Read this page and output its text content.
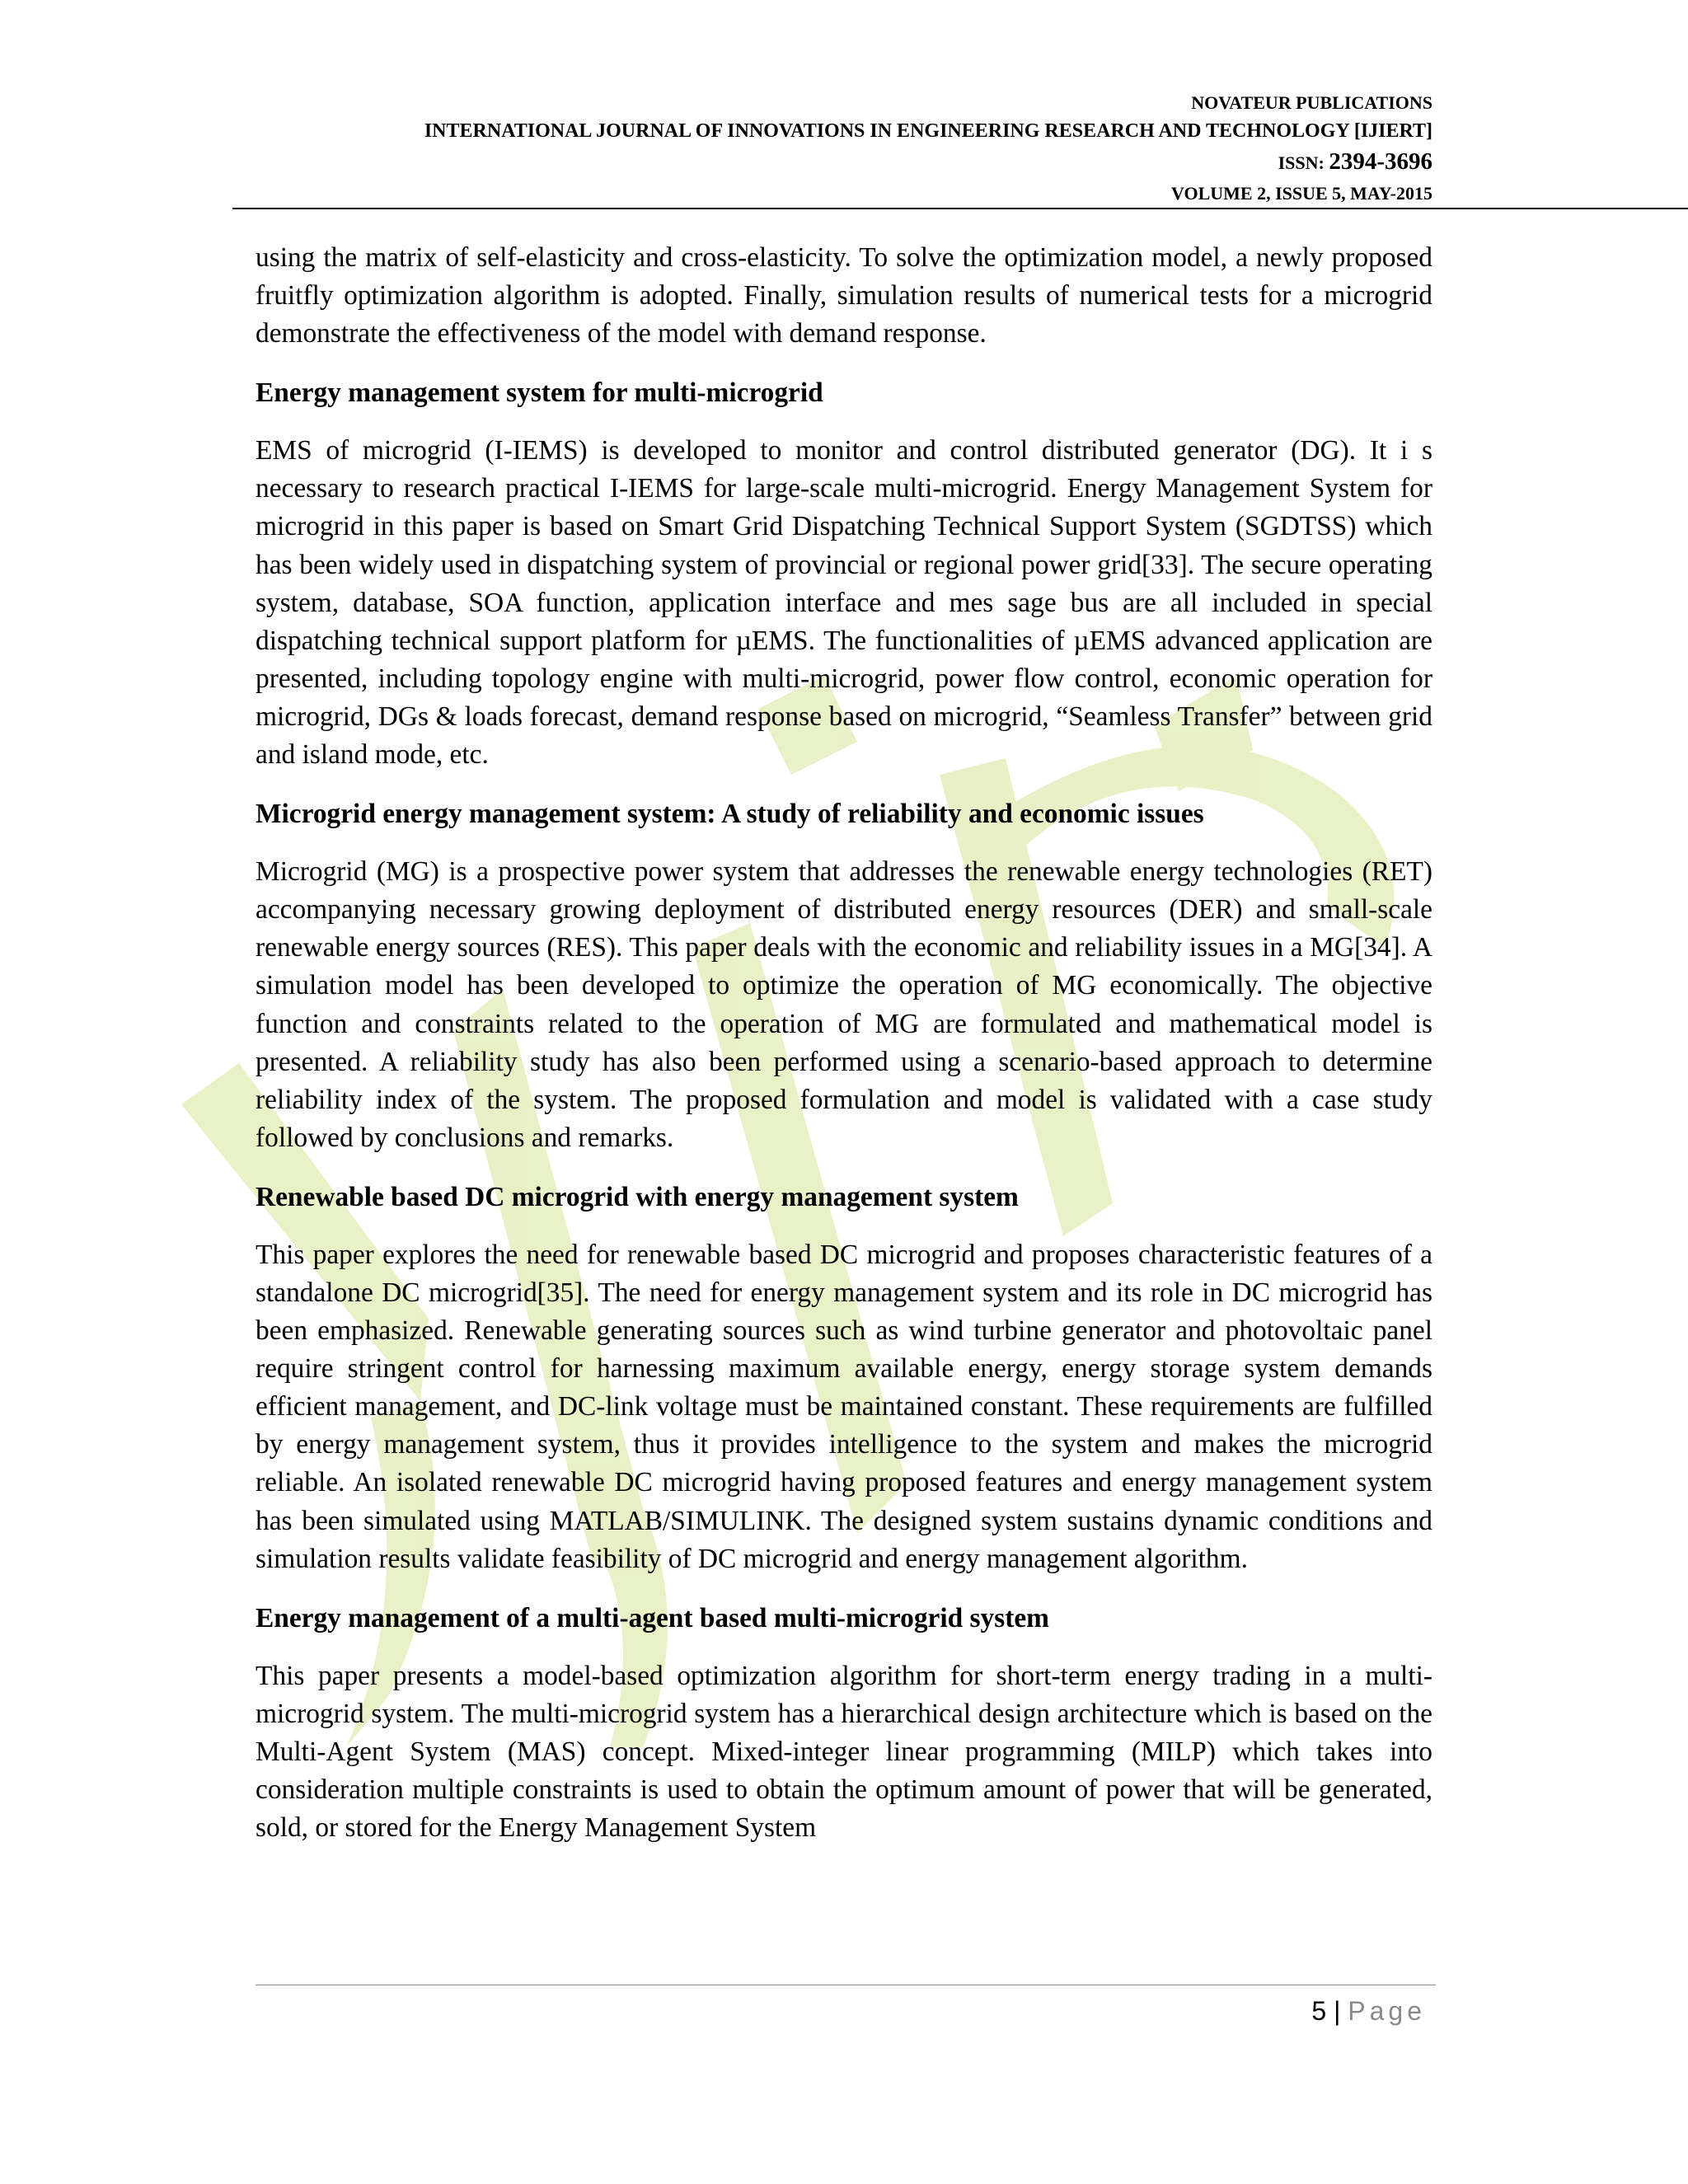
NOVATEUR PUBLICATIONS
INTERNATIONAL JOURNAL OF INNOVATIONS IN ENGINEERING RESEARCH AND TECHNOLOGY [IJIERT]
ISSN: 2394-3696
VOLUME 2, ISSUE 5, MAY-2015

using the matrix of self-elasticity and cross-elasticity. To solve the optimization model, a newly proposed fruitfly optimization algorithm is adopted. Finally, simulation results of numerical tests for a microgrid demonstrate the effectiveness of the model with demand response.

Energy management system for multi-microgrid

EMS of microgrid (I-IEMS) is developed to monitor and control distributed generator (DG). It i s necessary to research practical I-IEMS for large-scale multi-microgrid. Energy Management System for microgrid in this paper is based on Smart Grid Dispatching Technical Support System (SGDTSS) which has been widely used in dispatching system of provincial or regional power grid[33]. The secure operating system, database, SOA function, application interface and mes sage bus are all included in special dispatching technical support platform for µEMS. The functionalities of µEMS advanced application are presented, including topology engine with multi-microgrid, power flow control, economic operation for microgrid, DGs & loads forecast, demand response based on microgrid, “Seamless Transfer” between grid and island mode, etc.

Microgrid energy management system: A study of reliability and economic issues

Microgrid (MG) is a prospective power system that addresses the renewable energy technologies (RET) accompanying necessary growing deployment of distributed energy resources (DER) and small-scale renewable energy sources (RES). This paper deals with the economic and reliability issues in a MG[34]. A simulation model has been developed to optimize the operation of MG economically. The objective function and constraints related to the operation of MG are formulated and mathematical model is presented. A reliability study has also been performed using a scenario-based approach to determine reliability index of the system. The proposed formulation and model is validated with a case study followed by conclusions and remarks.

Renewable based DC microgrid with energy management system

This paper explores the need for renewable based DC microgrid and proposes characteristic features of a standalone DC microgrid[35]. The need for energy management system and its role in DC microgrid has been emphasized. Renewable generating sources such as wind turbine generator and photovoltaic panel require stringent control for harnessing maximum available energy, energy storage system demands efficient management, and DC-link voltage must be maintained constant. These requirements are fulfilled by energy management system, thus it provides intelligence to the system and makes the microgrid reliable. An isolated renewable DC microgrid having proposed features and energy management system has been simulated using MATLAB/SIMULINK. The designed system sustains dynamic conditions and simulation results validate feasibility of DC microgrid and energy management algorithm.

Energy management of a multi-agent based multi-microgrid system

This paper presents a model-based optimization algorithm for short-term energy trading in a multi-microgrid system. The multi-microgrid system has a hierarchical design architecture which is based on the Multi-Agent System (MAS) concept. Mixed-integer linear programming (MILP) which takes into consideration multiple constraints is used to obtain the optimum amount of power that will be generated, sold, or stored for the Energy Management System

5 | Page
